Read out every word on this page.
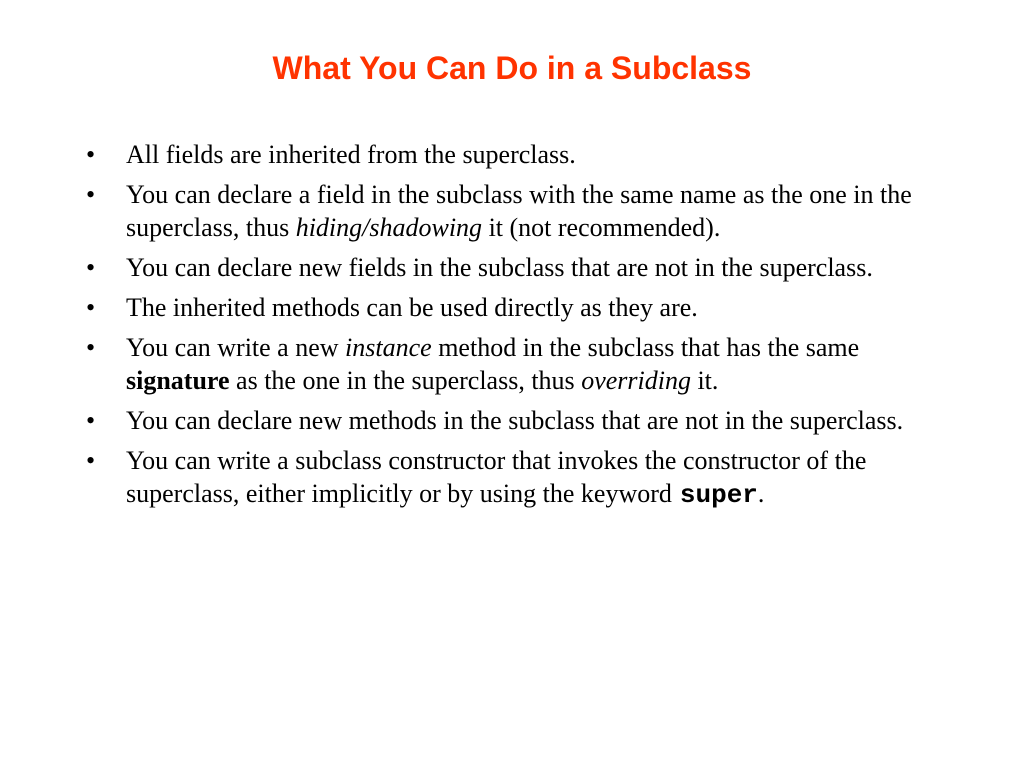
What You Can Do in a Subclass
• All fields are inherited from the superclass.
• You can declare a field in the subclass with the same name as the one in the superclass, thus hiding/shadowing it (not recommended).
• You can declare new fields in the subclass that are not in the superclass.
• The inherited methods can be used directly as they are.
• You can write a new instance method in the subclass that has the same signature as the one in the superclass, thus overriding it.
• You can declare new methods in the subclass that are not in the superclass.
• You can write a subclass constructor that invokes the constructor of the superclass, either implicitly or by using the keyword super.
